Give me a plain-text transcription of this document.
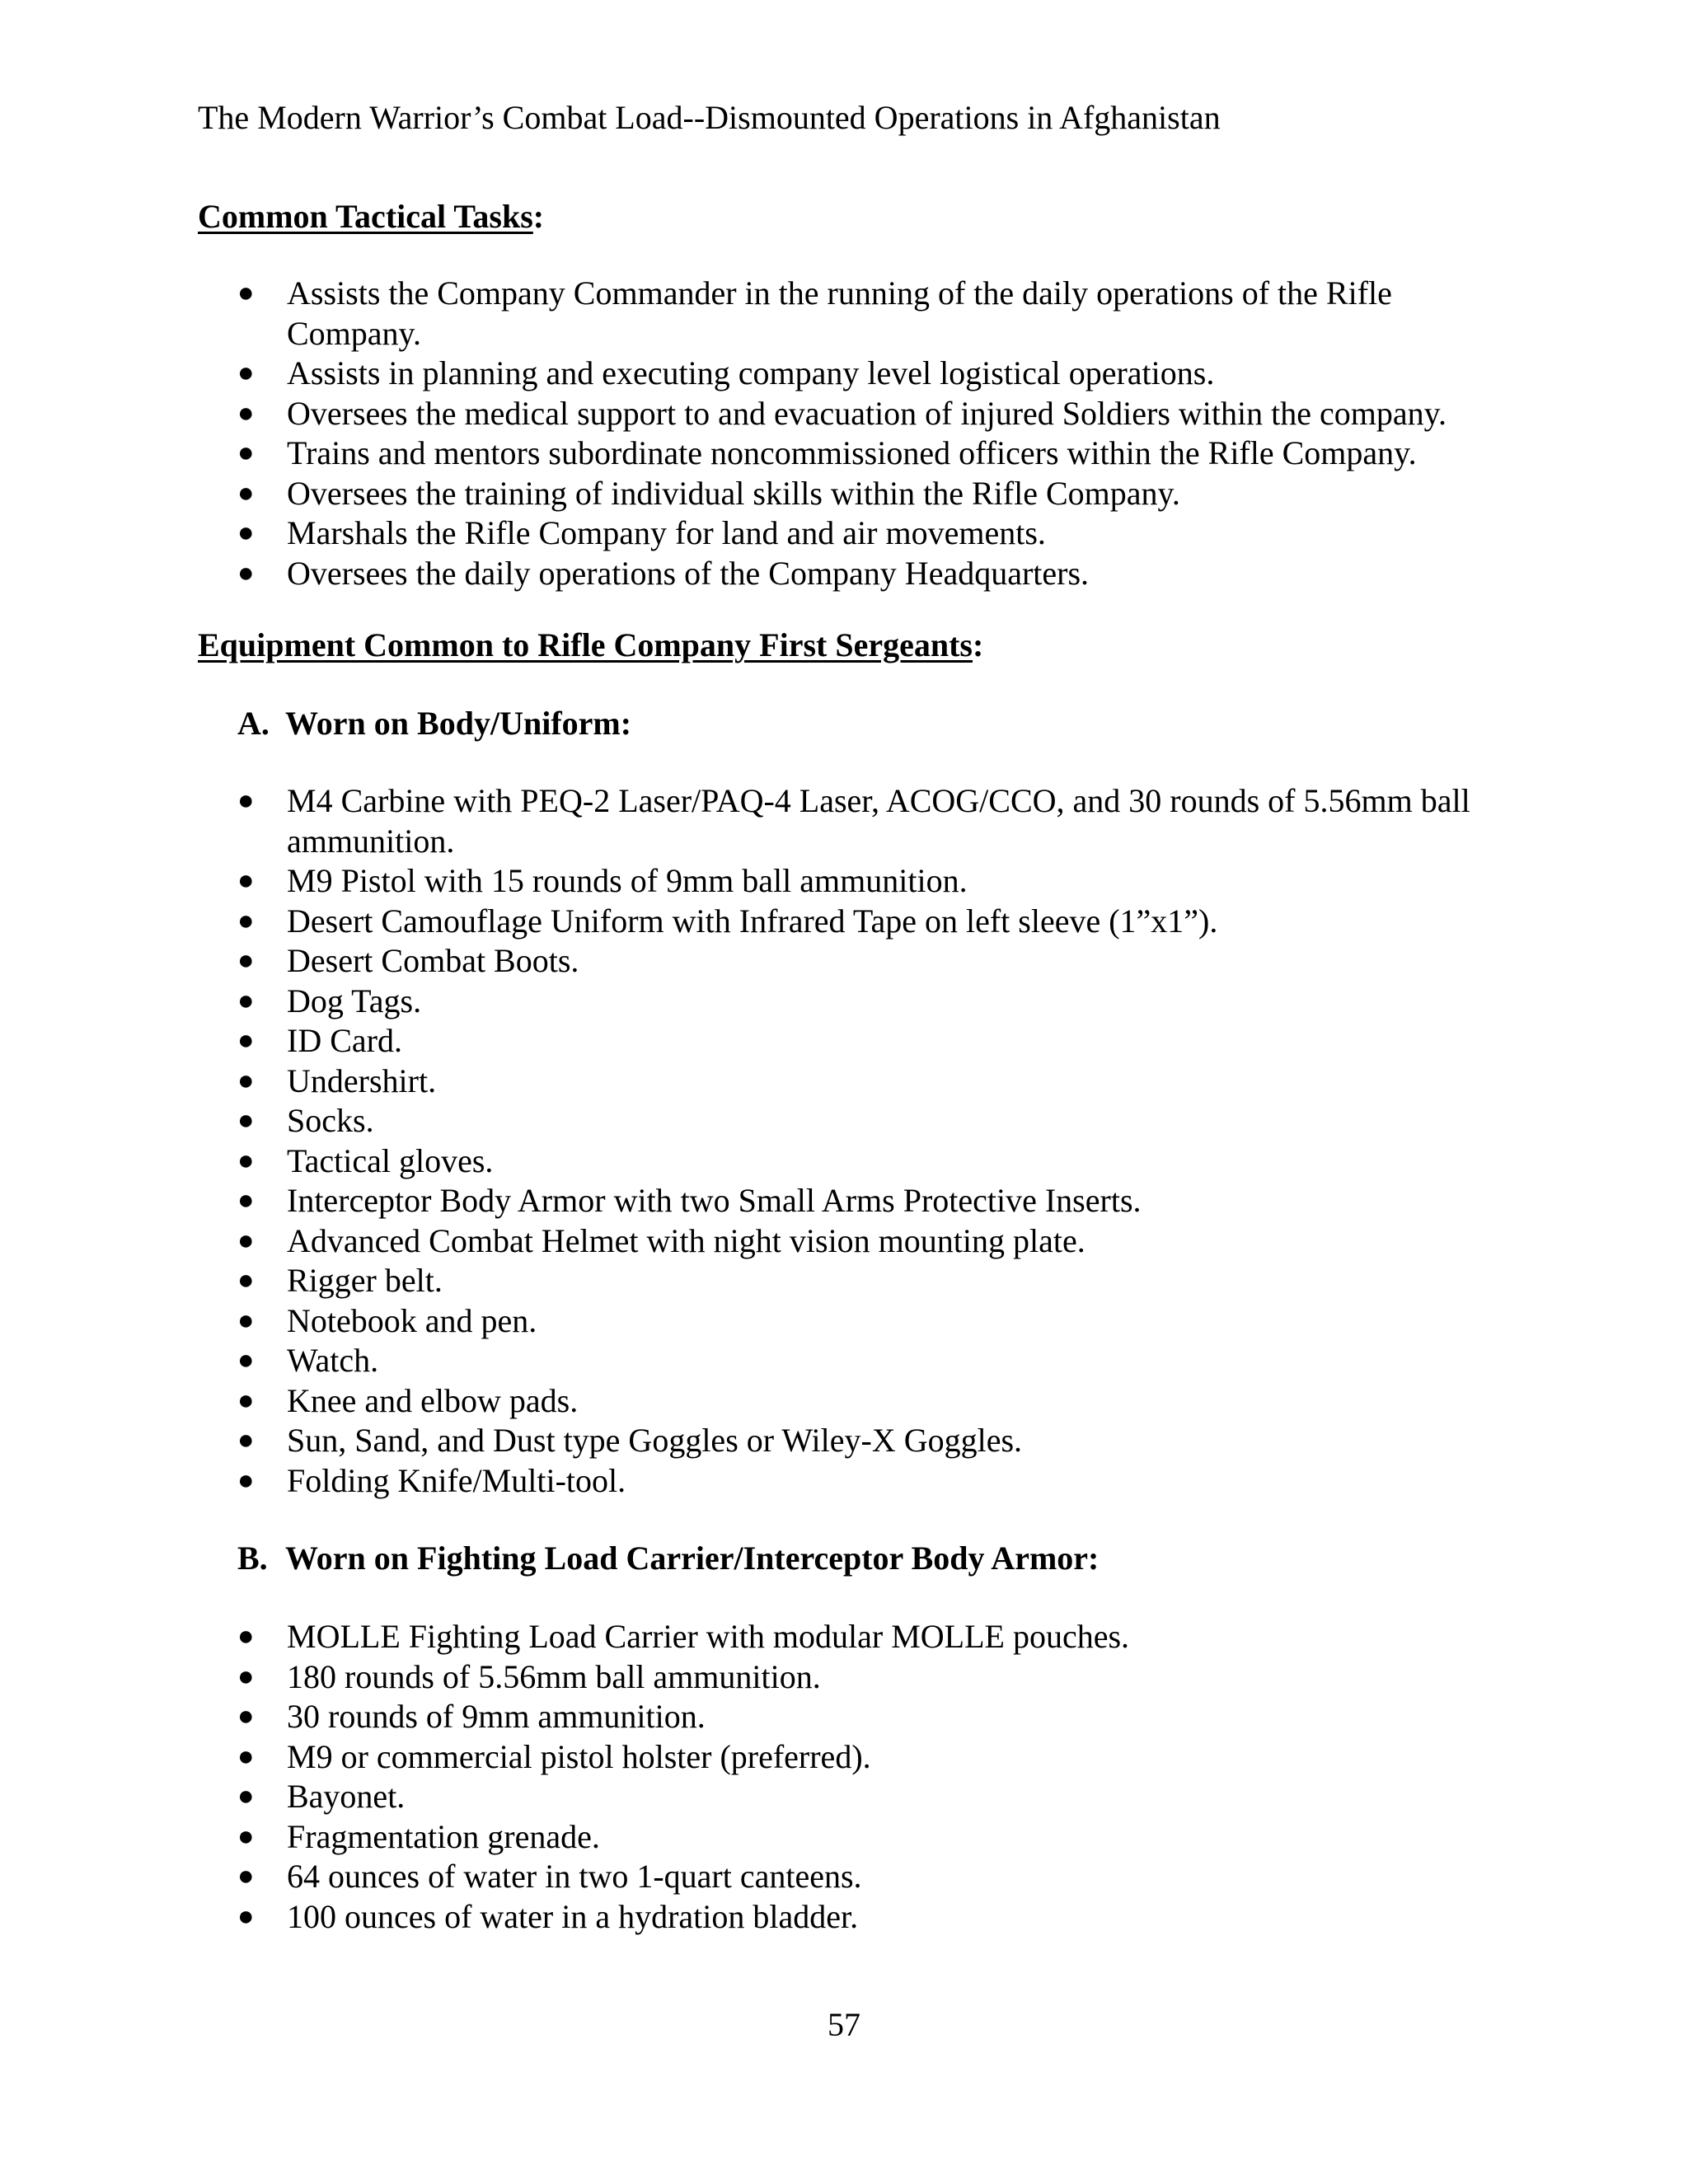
The Modern Warrior’s Combat Load--Dismounted Operations in Afghanistan
Common Tactical Tasks:
● Assists the Company Commander in the running of the daily operations of the Rifle Company.
● Assists in planning and executing company level logistical operations.
● Oversees the medical support to and evacuation of injured Soldiers within the company.
● Trains and mentors subordinate noncommissioned officers within the Rifle Company.
● Oversees the training of individual skills within the Rifle Company.
● Marshals the Rifle Company for land and air movements.
● Oversees the daily operations of the Company Headquarters.
Equipment Common to Rifle Company First Sergeants:
A. Worn on Body/Uniform:
● M4 Carbine with PEQ-2 Laser/PAQ-4 Laser, ACOG/CCO, and 30 rounds of 5.56mm ball ammunition.
● M9 Pistol with 15 rounds of 9mm ball ammunition.
● Desert Camouflage Uniform with Infrared Tape on left sleeve (1”x1”).
● Desert Combat Boots.
● Dog Tags.
● ID Card.
● Undershirt.
● Socks.
● Tactical gloves.
● Interceptor Body Armor with two Small Arms Protective Inserts.
● Advanced Combat Helmet with night vision mounting plate.
● Rigger belt.
● Notebook and pen.
● Watch.
● Knee and elbow pads.
● Sun, Sand, and Dust type Goggles or Wiley-X Goggles.
● Folding Knife/Multi-tool.
B. Worn on Fighting Load Carrier/Interceptor Body Armor:
● MOLLE Fighting Load Carrier with modular MOLLE pouches.
● 180 rounds of 5.56mm ball ammunition.
● 30 rounds of 9mm ammunition.
● M9 or commercial pistol holster (preferred).
● Bayonet.
● Fragmentation grenade.
● 64 ounces of water in two 1-quart canteens.
● 100 ounces of water in a hydration bladder.
57
